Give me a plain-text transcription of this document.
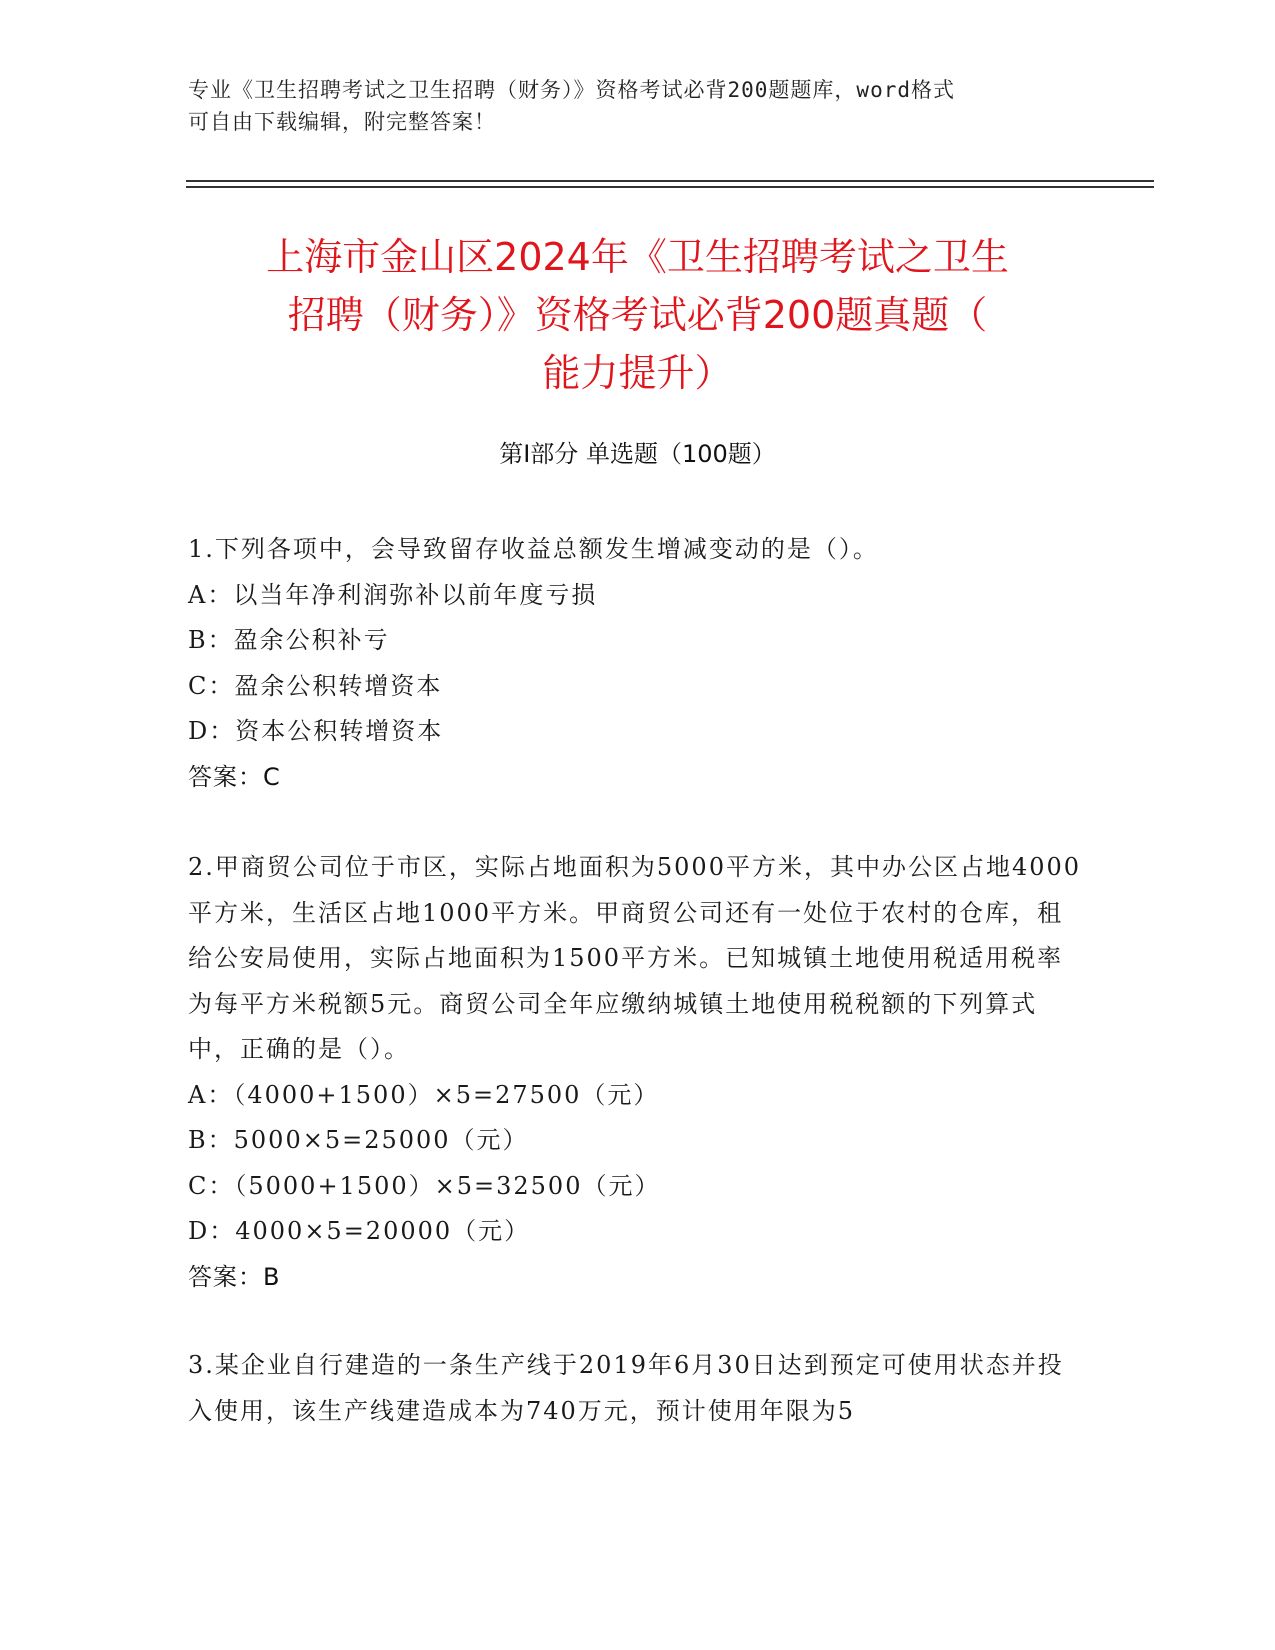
专业《卫生招聘考试之卫生招聘（财务）》资格考试必背200题题库，word格式
可自由下载编辑，附完整答案！
上海市金山区2024年《卫生招聘考试之卫生
招聘（财务）》资格考试必背200题真题（
能力提升）
第I部分 单选题（100题）

1.下列各项中，会导致留存收益总额发生增减变动的是（）。

A：以当年净利润弥补以前年度亏损

B：盈余公积补亏

C：盈余公积转增资本

D：资本公积转增资本

答案：C

2.甲商贸公司位于市区，实际占地面积为5000平方米，其中办公区占地4000平方米，生活区占地1000平方米。甲商贸公司还有一处位于农村的仓库，租给公安局使用，实际占地面积为1500平方米。已知城镇土地使用税适用税率为每平方米税额5元。商贸公司全年应缴纳城镇土地使用税税额的下列算式中，正确的是（）。

A：（4000+1500）×5=27500（元）

B：5000×5=25000（元）

C：（5000+1500）×5=32500（元）

D：4000×5=20000（元）

答案：B

3.某企业自行建造的一条生产线于2019年6月30日达到预定可使用状态并投入使用，该生产线建造成本为740万元，预计使用年限为5
